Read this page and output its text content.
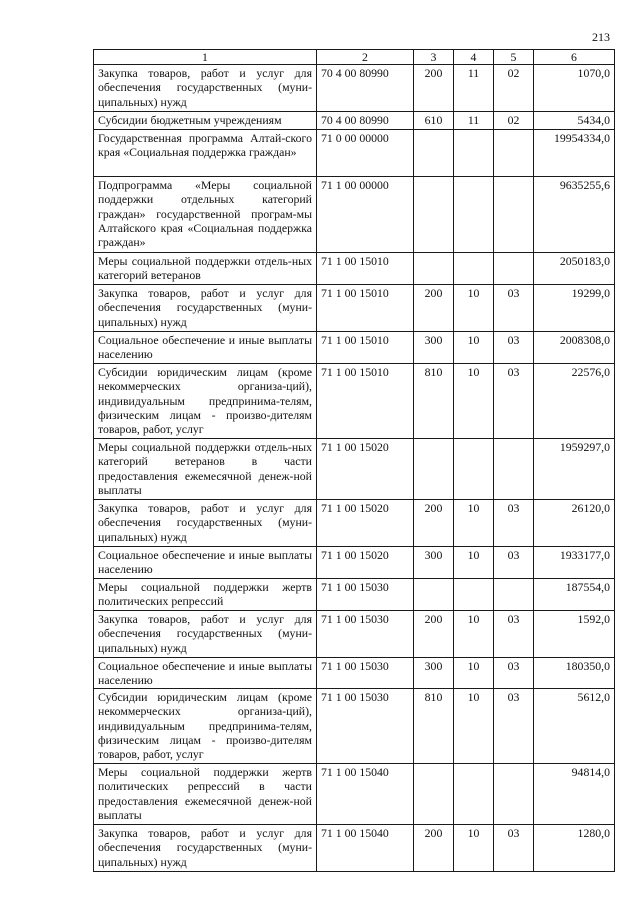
213
1	2	3	4	5	6
Закупка товаров, работ и услуг для обеспечения государственных (муни-ципальных) нужд	70 4 00 80990	200	11	02	1070,0
Субсидии бюджетным учреждениям	70 4 00 80990	610	11	02	5434,0
Государственная программа Алтай-ского края «Социальная поддержка граждан»	71 0 00 00000				19954334,0
Подпрограмма «Меры социальной поддержки отдельных категорий граждан» государственной програм-мы Алтайского края «Социальная поддержка граждан»	71 1 00 00000				9635255,6
Меры социальной поддержки отдель-ных категорий ветеранов	71 1 00 15010				2050183,0
Закупка товаров, работ и услуг для обеспечения государственных (муни-ципальных) нужд	71 1 00 15010	200	10	03	19299,0
Социальное обеспечение и иные выплаты населению	71 1 00 15010	300	10	03	2008308,0
Субсидии юридическим лицам (кроме некоммерческих организа-ций), индивидуальным предпринима-телям, физическим лицам - произво-дителям товаров, работ, услуг	71 1 00 15010	810	10	03	22576,0
Меры социальной поддержки отдель-ных категорий ветеранов в части предоставления ежемесячной денеж-ной выплаты	71 1 00 15020				1959297,0
Закупка товаров, работ и услуг для обеспечения государственных (муни-ципальных) нужд	71 1 00 15020	200	10	03	26120,0
Социальное обеспечение и иные выплаты населению	71 1 00 15020	300	10	03	1933177,0
Меры социальной поддержки жертв политических репрессий	71 1 00 15030				187554,0
Закупка товаров, работ и услуг для обеспечения государственных (муни-ципальных) нужд	71 1 00 15030	200	10	03	1592,0
Социальное обеспечение и иные выплаты населению	71 1 00 15030	300	10	03	180350,0
Субсидии юридическим лицам (кроме некоммерческих организа-ций), индивидуальным предпринима-телям, физическим лицам - произво-дителям товаров, работ, услуг	71 1 00 15030	810	10	03	5612,0
Меры социальной поддержки жертв политических репрессий в части предоставления ежемесячной денеж-ной выплаты	71 1 00 15040				94814,0
Закупка товаров, работ и услуг для обеспечения государственных (муни-ципальных) нужд	71 1 00 15040	200	10	03	1280,0
